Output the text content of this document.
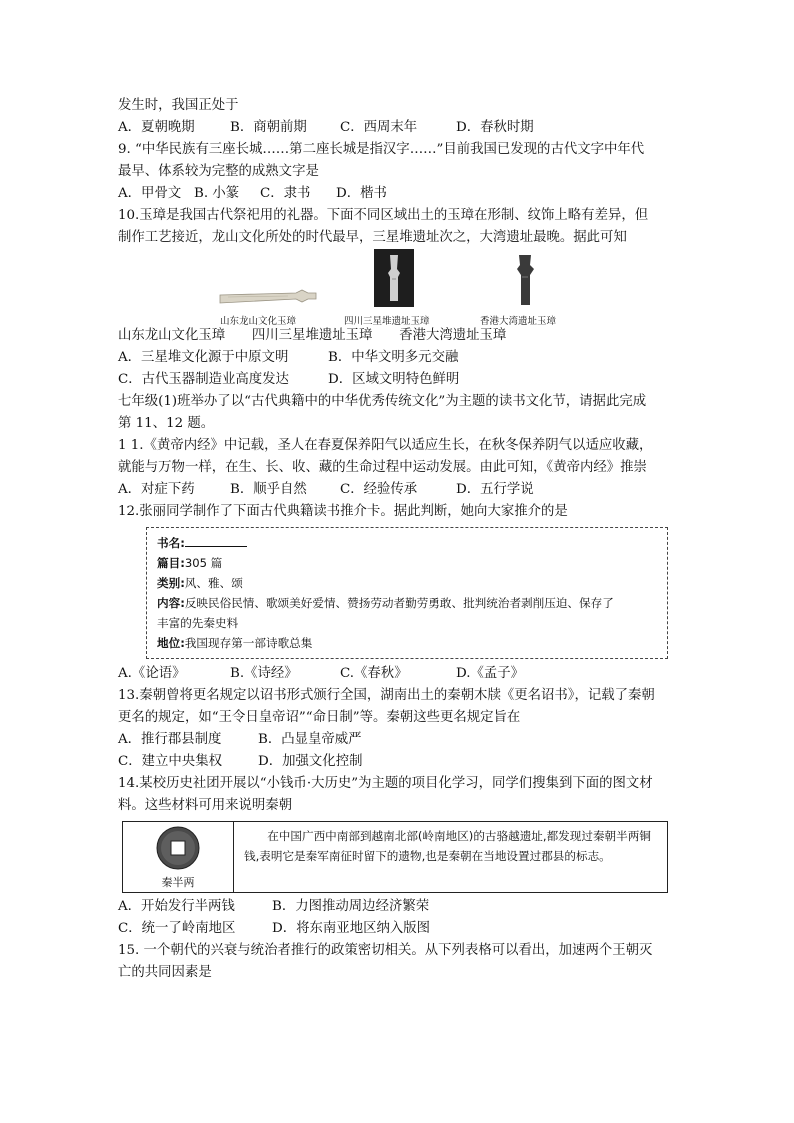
发生时，我国正处于
A．夏朝晚期	B．商朝前期	C．西周末年	D．春秋时期
9. “中华民族有三座长城……第二座长城是指汉字……”目前我国已发现的古代文字中年代
最早、体系较为完整的成熟文字是
A．甲骨文 B. 小篆	C．隶书	D．楷书
10.玉璋是我国古代祭祀用的礼器。下面不同区域出土的玉璋在形制、纹饰上略有差异，但
制作工艺接近，龙山文化所处的时代最早，三星堆遗址次之，大湾遗址最晚。据此可知
山东龙山文化玉璋	四川三星堆遗址玉璋	香港大湾遗址玉璋
山东龙山文化玉璋　　四川三星堆遗址玉璋　　香港大湾遗址玉璋
A．三星堆文化源于中原文明	B．中华文明多元交融
C．古代玉器制造业高度发达	D．区域文明特色鲜明
七年级(1)班举办了以“古代典籍中的中华优秀传统文化”为主题的读书文化节，请据此完成
第 11、12 题。
1 1.《黄帝内经》中记载，圣人在春夏保养阳气以适应生长，在秋冬保养阴气以适应收藏，
就能与万物一样，在生、长、收、藏的生命过程中运动发展。由此可知，《黄帝内经》推崇
A．对症下药	B．顺乎自然	C．经验传承	D．五行学说
12.张丽同学制作了下面古代典籍读书推介卡。据此判断，她向大家推介的是
书名:
篇目:305 篇
类别:风、雅、颂
内容:反映民俗民情、歌颂美好爱情、赞扬劳动者勤劳勇敢、批判统治者剥削压迫、保存了
丰富的先秦史料
地位:我国现存第一部诗歌总集
A.《论语》	B.《诗经》	C.《春秋》	D.《孟子》
13.秦朝曾将更名规定以诏书形式颁行全国，湖南出土的秦朝木牍《更名诏书》，记载了秦朝
更名的规定，如“王令日皇帝诏”“命日制”等。秦朝这些更名规定旨在
A．推行郡县制度	B．凸显皇帝威严
C．建立中央集权	D．加强文化控制
14.某校历史社团开展以“小钱币·大历史”为主题的项目化学习，同学们搜集到下面的图文材
料。这些材料可用来说明秦朝
秦半两
在中国广西中南部到越南北部(岭南地区)的古骆越遗址,都发现过秦朝半两铜钱,表明它是秦军南征时留下的遗物,也是秦朝在当地设置过郡县的标志。
A．开始发行半两钱	B．力图推动周边经济繁荣
C．统一了岭南地区	D．将东南亚地区纳入版图
15. 一个朝代的兴衰与统治者推行的政策密切相关。从下列表格可以看出，加速两个王朝灭
亡的共同因素是
